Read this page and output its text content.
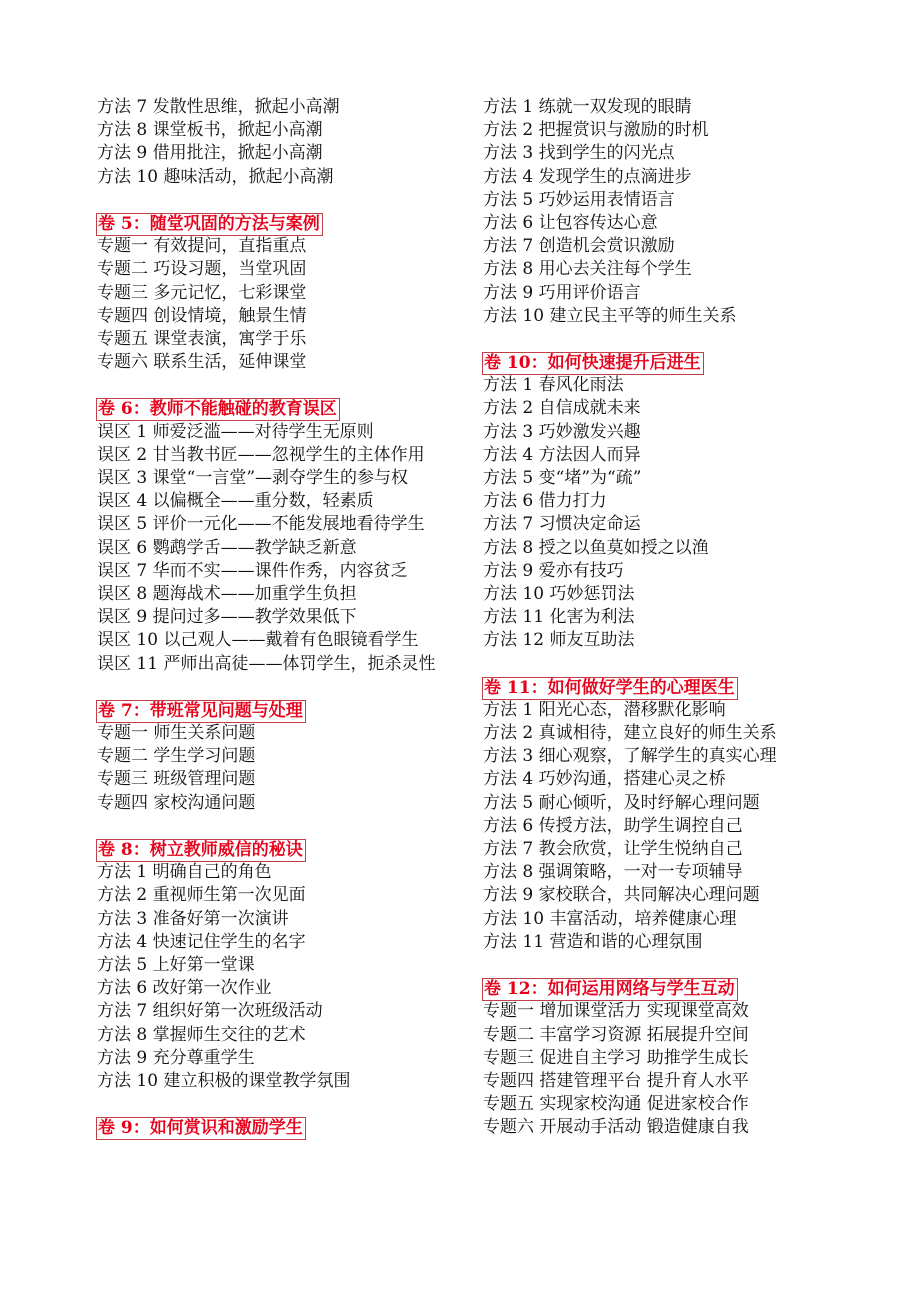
方法 7 发散性思维，掀起小高潮
方法 8 课堂板书，掀起小高潮
方法 9 借用批注，掀起小高潮
方法 10 趣味活动，掀起小高潮
卷 5：随堂巩固的方法与案例
专题一 有效提问，直指重点
专题二 巧设习题，当堂巩固
专题三 多元记忆，七彩课堂
专题四 创设情境，触景生情
专题五 课堂表演，寓学于乐
专题六 联系生活，延伸课堂
卷 6：教师不能触碰的教育误区
误区 1 师爱泛滥——对待学生无原则
误区 2 甘当教书匠——忽视学生的主体作用
误区 3 课堂“一言堂”—剥夺学生的参与权
误区 4 以偏概全——重分数，轻素质
误区 5 评价一元化——不能发展地看待学生
误区 6 鹦鹉学舌——教学缺乏新意
误区 7 华而不实——课件作秀，内容贫乏
误区 8 题海战术——加重学生负担
误区 9 提问过多——教学效果低下
误区 10 以己观人——戴着有色眼镜看学生
误区 11 严师出高徒——体罚学生，扼杀灵性
卷 7：带班常见问题与处理
专题一 师生关系问题
专题二 学生学习问题
专题三 班级管理问题
专题四 家校沟通问题
卷 8：树立教师威信的秘诀
方法 1 明确自己的角色
方法 2 重视师生第一次见面
方法 3 准备好第一次演讲
方法 4 快速记住学生的名字
方法 5 上好第一堂课
方法 6 改好第一次作业
方法 7 组织好第一次班级活动
方法 8 掌握师生交往的艺术
方法 9 充分尊重学生
方法 10 建立积极的课堂教学氛围
卷 9：如何赏识和激励学生
方法 1 练就一双发现的眼睛
方法 2 把握赏识与激励的时机
方法 3 找到学生的闪光点
方法 4 发现学生的点滴进步
方法 5 巧妙运用表情语言
方法 6 让包容传达心意
方法 7 创造机会赏识激励
方法 8 用心去关注每个学生
方法 9 巧用评价语言
方法 10 建立民主平等的师生关系
卷 10：如何快速提升后进生
方法 1 春风化雨法
方法 2 自信成就未来
方法 3 巧妙激发兴趣
方法 4 方法因人而异
方法 5 变“堵”为“疏”
方法 6 借力打力
方法 7 习惯决定命运
方法 8 授之以鱼莫如授之以渔
方法 9 爱亦有技巧
方法 10 巧妙惩罚法
方法 11 化害为利法
方法 12 师友互助法
卷 11：如何做好学生的心理医生
方法 1 阳光心态，潜移默化影响
方法 2 真诚相待，建立良好的师生关系
方法 3 细心观察，了解学生的真实心理
方法 4 巧妙沟通，搭建心灵之桥
方法 5 耐心倾听，及时纾解心理问题
方法 6 传授方法，助学生调控自己
方法 7 教会欣赏，让学生悦纳自己
方法 8 强调策略，一对一专项辅导
方法 9 家校联合，共同解决心理问题
方法 10 丰富活动，培养健康心理
方法 11 营造和谐的心理氛围
卷 12：如何运用网络与学生互动
专题一 增加课堂活力 实现课堂高效
专题二 丰富学习资源 拓展提升空间
专题三 促进自主学习 助推学生成长
专题四 搭建管理平台 提升育人水平
专题五 实现家校沟通 促进家校合作
专题六 开展动手活动 锻造健康自我
